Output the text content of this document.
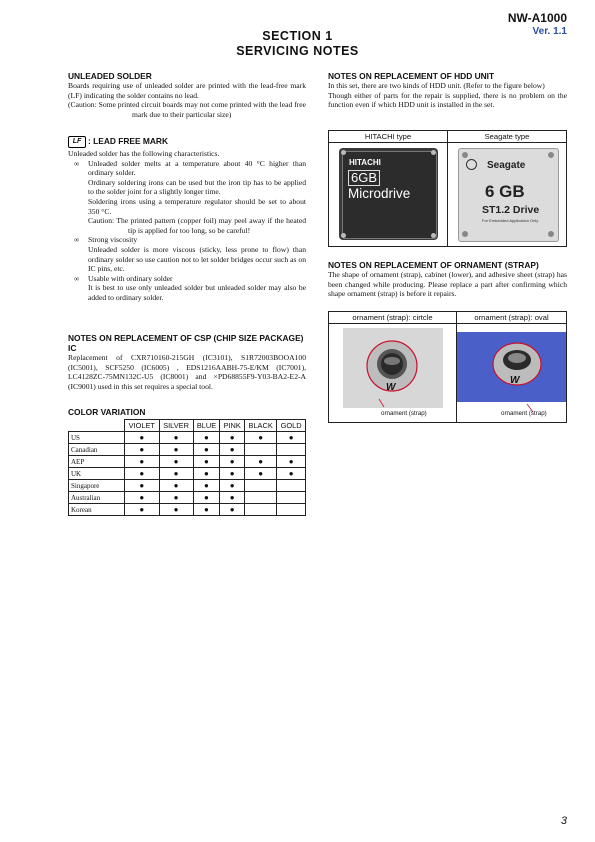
NW-A1000
Ver. 1.1
SECTION 1
SERVICING NOTES
UNLEADED SOLDER
Boards requiring use of unleaded solder are printed with the lead-free mark (LF) indicating the solder contains no lead.
(Caution: Some printed circuit boards may not come printed with the lead free mark due to their particular size)
LF : LEAD FREE MARK
Unleaded solder has the following characteristics.
∞ Unleaded solder melts at a temperature about 40 °C higher than ordinary solder.
Ordinary soldering irons can be used but the iron tip has to be applied to the solder joint for a slightly longer time.
Soldering irons using a temperature regulator should be set to about 350 °C.
Caution: The printed pattern (copper foil) may peel away if the heated tip is applied for too long, so be careful!
∞ Strong viscosity
Unleaded solder is more viscous (sticky, less prone to flow) than ordinary solder so use caution not to let solder bridges occur such as on IC pins, etc.
∞ Usable with ordinary solder
It is best to use only unleaded solder but unleaded solder may also be added to ordinary solder.
NOTES ON REPLACEMENT OF CSP (CHIP SIZE PACKAGE) IC
Replacement of CXR710160-215GH (IC3101), S1R72003BOOA100 (IC5001), SCF5250 (IC6005) , EDS1216AABH-75-E/KM (IC7001), LC4128ZC-75MN132C-U5 (IC8001) and ×PD68855F9-Y03-BA2-E2-A (IC9001) used in this set requires a special tool.
COLOR VARIATION
	VIOLET	SILVER	BLUE	PINK	BLACK	GOLD
US	●	●	●	●	●	●
Canadian	●	●	●	●		
AEP	●	●	●	●	●	●
UK	●	●	●	●	●	●
Singapore	●	●	●	●		
Australian	●	●	●	●		
Korean	●	●	●	●		
NOTES ON REPLACEMENT OF HDD UNIT
In this set, there are two kinds of HDD unit. (Refer to the figure below)
Though either of parts for the repair is supplied, there is no problem on the function even if which HDD unit is installed in the set.
HITACHI type	Seagate type
HITACHI
6GB
Microdrive
Seagate
6 GB
ST1.2 Drive
For Embedded Application Only
NOTES ON REPLACEMENT OF ORNAMENT (STRAP)
The shape of ornament (strap), cabinet (lower), and adhesive sheet (strap) has been changed while producing. Please replace a part after confirming which shape ornament (strap) is before it repairs.
ornament (strap): cirtcle	ornament (strap): oval
W
ornament (strap)
W
ornament (strap)
3
